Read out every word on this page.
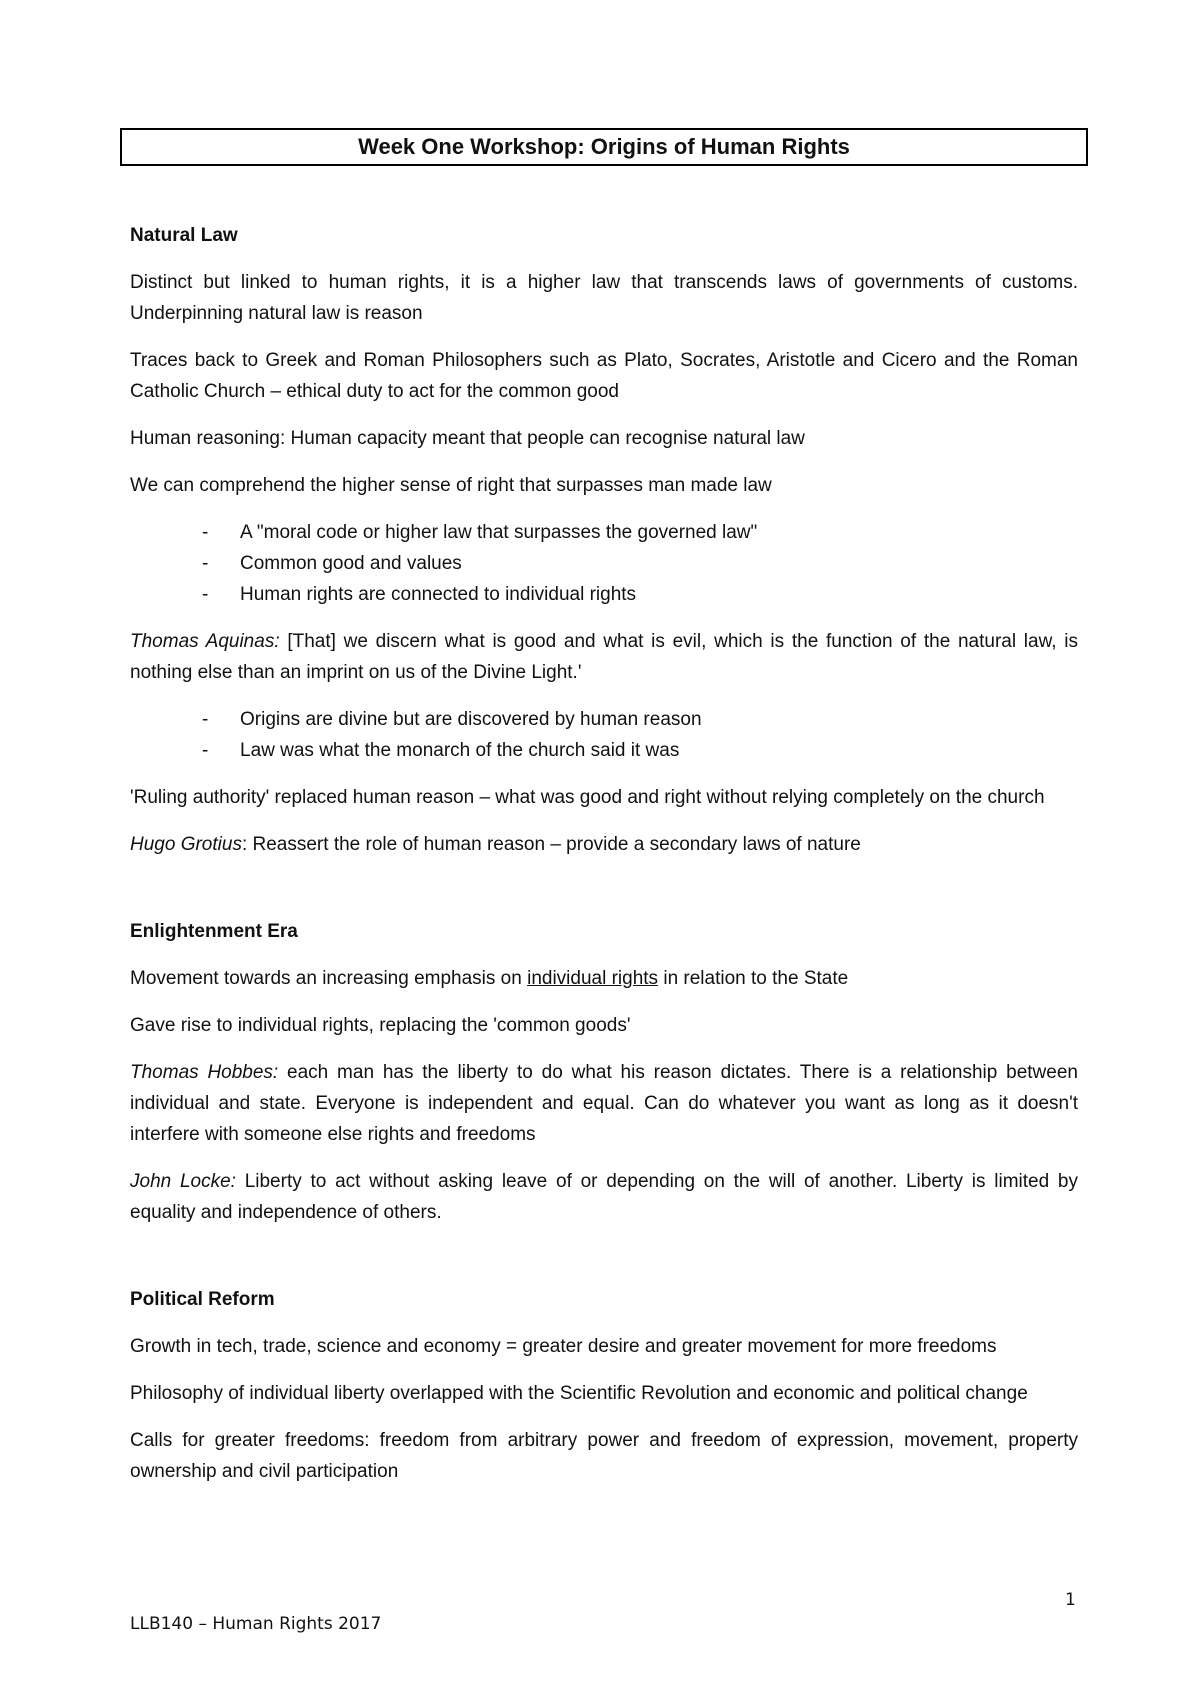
Week One Workshop: Origins of Human Rights
Natural Law

Distinct but linked to human rights, it is a higher law that transcends laws of governments of customs. Underpinning natural law is reason

Traces back to Greek and Roman Philosophers such as Plato, Socrates, Aristotle and Cicero and the Roman Catholic Church – ethical duty to act for the common good

Human reasoning: Human capacity meant that people can recognise natural law

We can comprehend the higher sense of right that surpasses man made law

- A "moral code or higher law that surpasses the governed law"
- Common good and values
- Human rights are connected to individual rights

Thomas Aquinas: [That] we discern what is good and what is evil, which is the function of the natural law, is nothing else than an imprint on us of the Divine Light.'

- Origins are divine but are discovered by human reason
- Law was what the monarch of the church said it was

'Ruling authority' replaced human reason – what was good and right without relying completely on the church

Hugo Grotius: Reassert the role of human reason – provide a secondary laws of nature

Enlightenment Era

Movement towards an increasing emphasis on individual rights in relation to the State

Gave rise to individual rights, replacing the 'common goods'

Thomas Hobbes: each man has the liberty to do what his reason dictates. There is a relationship between individual and state. Everyone is independent and equal. Can do whatever you want as long as it doesn't interfere with someone else rights and freedoms

John Locke: Liberty to act without asking leave of or depending on the will of another. Liberty is limited by equality and independence of others.

Political Reform

Growth in tech, trade, science and economy = greater desire and greater movement for more freedoms

Philosophy of individual liberty overlapped with the Scientific Revolution and economic and political change

Calls for greater freedoms: freedom from arbitrary power and freedom of expression, movement, property ownership and civil participation

1
LLB140 – Human Rights 2017
